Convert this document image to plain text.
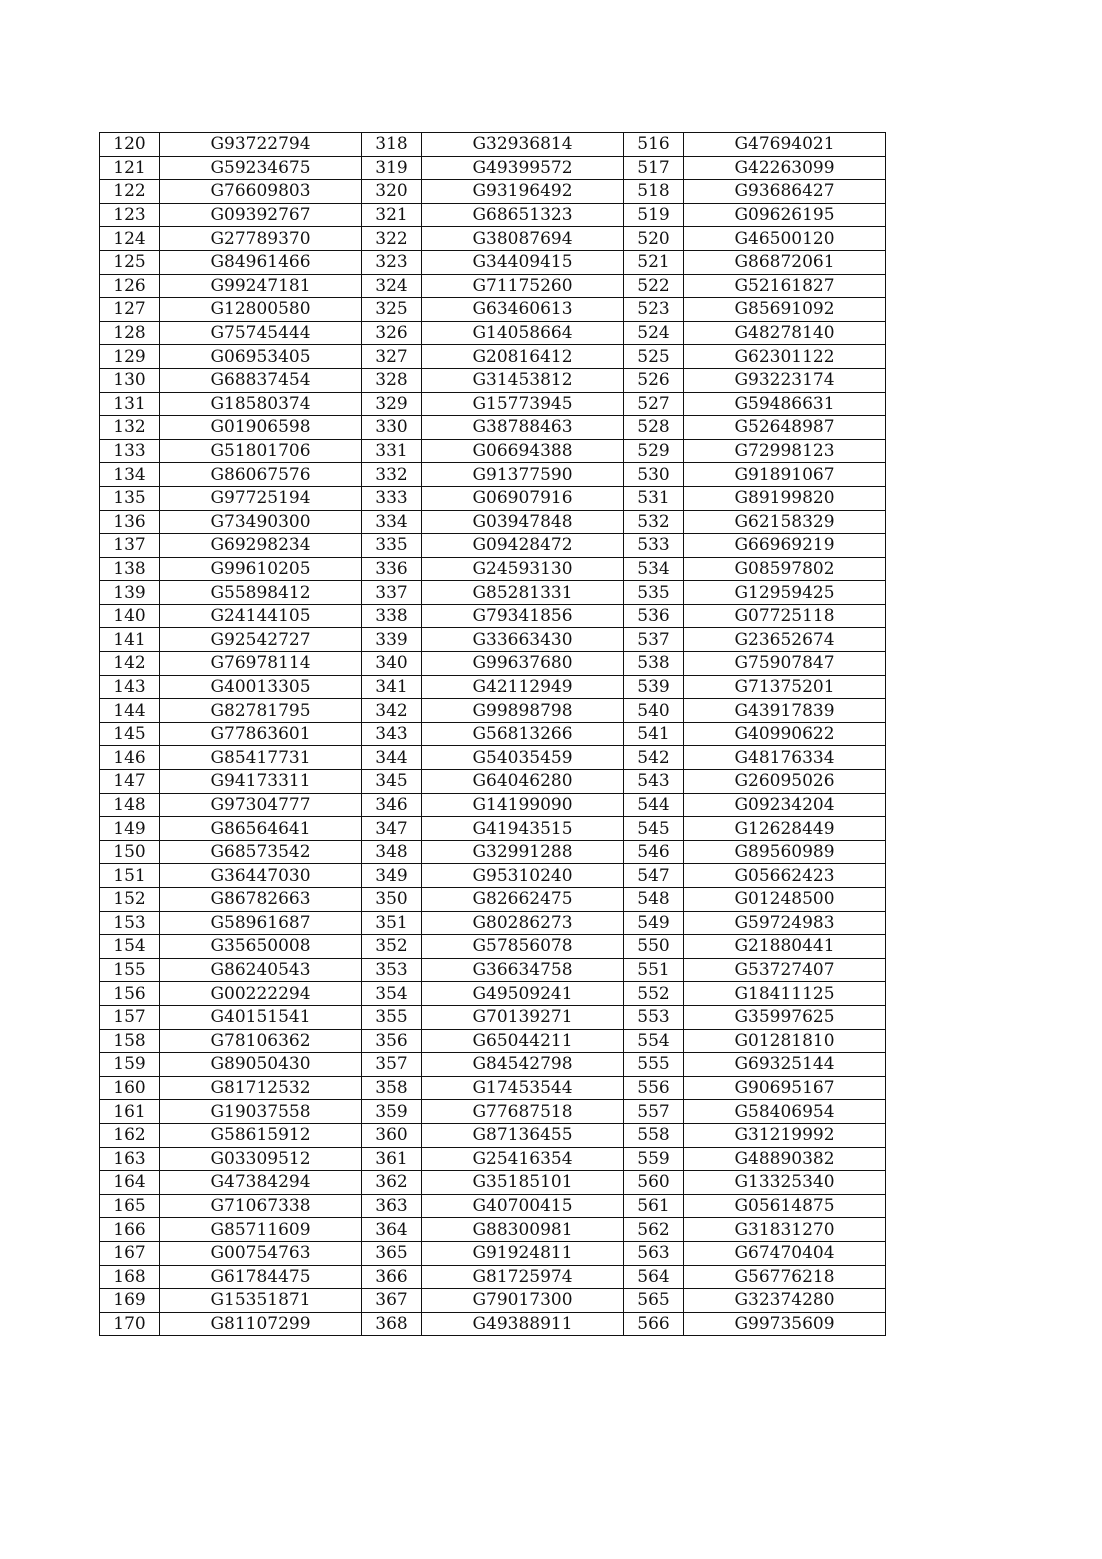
120	G93722794	318	G32936814	516	G47694021
121	G59234675	319	G49399572	517	G42263099
122	G76609803	320	G93196492	518	G93686427
123	G09392767	321	G68651323	519	G09626195
124	G27789370	322	G38087694	520	G46500120
125	G84961466	323	G34409415	521	G86872061
126	G99247181	324	G71175260	522	G52161827
127	G12800580	325	G63460613	523	G85691092
128	G75745444	326	G14058664	524	G48278140
129	G06953405	327	G20816412	525	G62301122
130	G68837454	328	G31453812	526	G93223174
131	G18580374	329	G15773945	527	G59486631
132	G01906598	330	G38788463	528	G52648987
133	G51801706	331	G06694388	529	G72998123
134	G86067576	332	G91377590	530	G91891067
135	G97725194	333	G06907916	531	G89199820
136	G73490300	334	G03947848	532	G62158329
137	G69298234	335	G09428472	533	G66969219
138	G99610205	336	G24593130	534	G08597802
139	G55898412	337	G85281331	535	G12959425
140	G24144105	338	G79341856	536	G07725118
141	G92542727	339	G33663430	537	G23652674
142	G76978114	340	G99637680	538	G75907847
143	G40013305	341	G42112949	539	G71375201
144	G82781795	342	G99898798	540	G43917839
145	G77863601	343	G56813266	541	G40990622
146	G85417731	344	G54035459	542	G48176334
147	G94173311	345	G64046280	543	G26095026
148	G97304777	346	G14199090	544	G09234204
149	G86564641	347	G41943515	545	G12628449
150	G68573542	348	G32991288	546	G89560989
151	G36447030	349	G95310240	547	G05662423
152	G86782663	350	G82662475	548	G01248500
153	G58961687	351	G80286273	549	G59724983
154	G35650008	352	G57856078	550	G21880441
155	G86240543	353	G36634758	551	G53727407
156	G00222294	354	G49509241	552	G18411125
157	G40151541	355	G70139271	553	G35997625
158	G78106362	356	G65044211	554	G01281810
159	G89050430	357	G84542798	555	G69325144
160	G81712532	358	G17453544	556	G90695167
161	G19037558	359	G77687518	557	G58406954
162	G58615912	360	G87136455	558	G31219992
163	G03309512	361	G25416354	559	G48890382
164	G47384294	362	G35185101	560	G13325340
165	G71067338	363	G40700415	561	G05614875
166	G85711609	364	G88300981	562	G31831270
167	G00754763	365	G91924811	563	G67470404
168	G61784475	366	G81725974	564	G56776218
169	G15351871	367	G79017300	565	G32374280
170	G81107299	368	G49388911	566	G99735609
